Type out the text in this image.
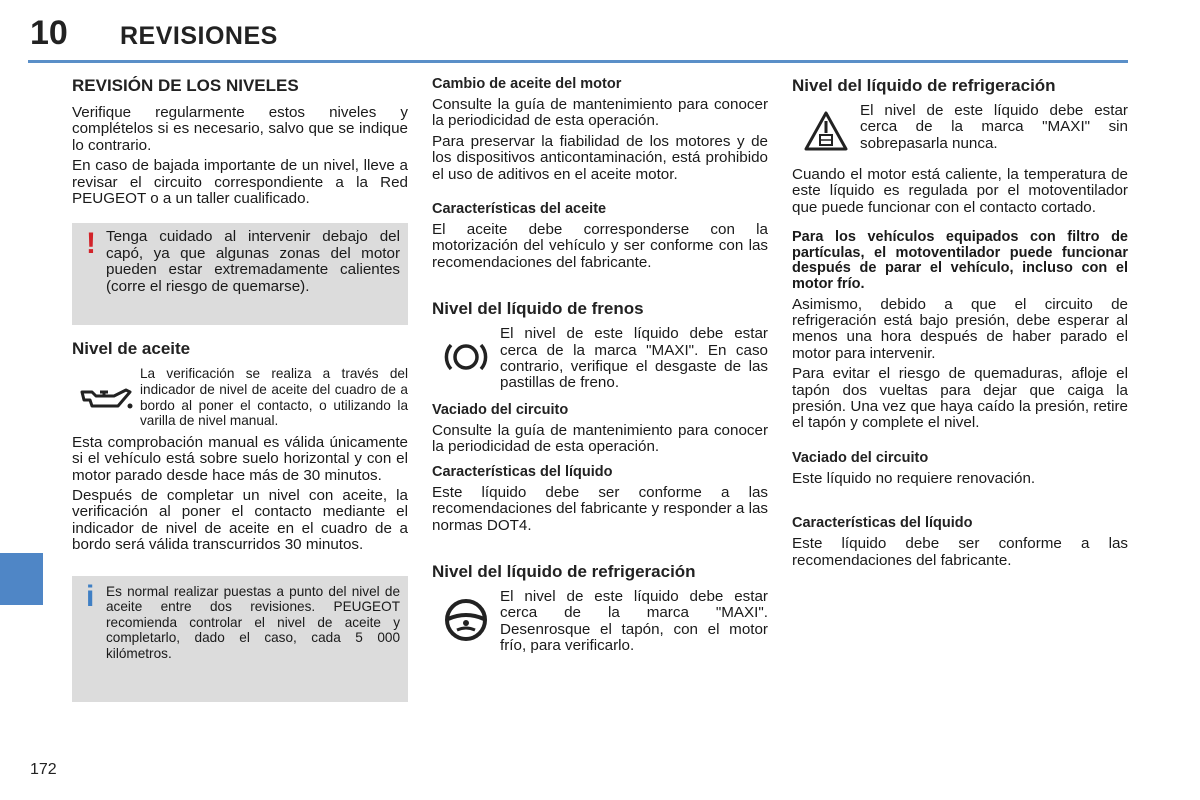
10 REVISIONES
172
REVISIÓN DE LOS NIVELES

Verifique regularmente estos niveles y complételos si es necesario, salvo que se indique lo contrario.

En caso de bajada importante de un nivel, lleve a revisar el circuito correspondiente a la Red PEUGEOT o a un taller cualificado.

! Tenga cuidado al intervenir debajo del capó, ya que algunas zonas del motor pueden estar extremadamente calientes (corre el riesgo de quemarse).

Nivel de aceite

La verificación se realiza a través del indicador de nivel de aceite del cuadro de a bordo al poner el contacto, o utilizando la varilla de nivel manual.

Esta comprobación manual es válida únicamente si el vehículo está sobre suelo horizontal y con el motor parado desde hace más de 30 minutos.

Después de completar un nivel con aceite, la verificación al poner el contacto mediante el indicador de nivel de aceite en el cuadro de a bordo será válida transcurridos 30 minutos.

i Es normal realizar puestas a punto del nivel de aceite entre dos revisiones. PEUGEOT recomienda controlar el nivel de aceite y completarlo, dado el caso, cada 5 000 kilómetros.

Cambio de aceite del motor

Consulte la guía de mantenimiento para conocer la periodicidad de esta operación.

Para preservar la fiabilidad de los motores y de los dispositivos anticontaminación, está prohibido el uso de aditivos en el aceite motor.

Características del aceite

El aceite debe corresponderse con la motorización del vehículo y ser conforme con las recomendaciones del fabricante.

Nivel del líquido de frenos

El nivel de este líquido debe estar cerca de la marca "MAXI". En caso contrario, verifique el desgaste de las pastillas de freno.

Vaciado del circuito

Consulte la guía de mantenimiento para conocer la periodicidad de esta operación.

Características del líquido

Este líquido debe ser conforme a las recomendaciones del fabricante y responder a las normas DOT4.

Nivel del líquido de refrigeración

El nivel de este líquido debe estar cerca de la marca "MAXI". Desenrosque el tapón, con el motor frío, para verificarlo.

Nivel del líquido de refrigeración

El nivel de este líquido debe estar cerca de la marca "MAXI" sin sobrepasarla nunca.

Cuando el motor está caliente, la temperatura de este líquido es regulada por el motoventilador que puede funcionar con el contacto cortado.

Para los vehículos equipados con filtro de partículas, el motoventilador puede funcionar después de parar el vehículo, incluso con el motor frío.

Asimismo, debido a que el circuito de refrigeración está bajo presión, debe esperar al menos una hora después de haber parado el motor para intervenir.

Para evitar el riesgo de quemaduras, afloje el tapón dos vueltas para dejar que caiga la presión. Una vez que haya caído la presión, retire el tapón y complete el nivel.

Vaciado del circuito

Este líquido no requiere renovación.

Características del líquido

Este líquido debe ser conforme a las recomendaciones del fabricante.
